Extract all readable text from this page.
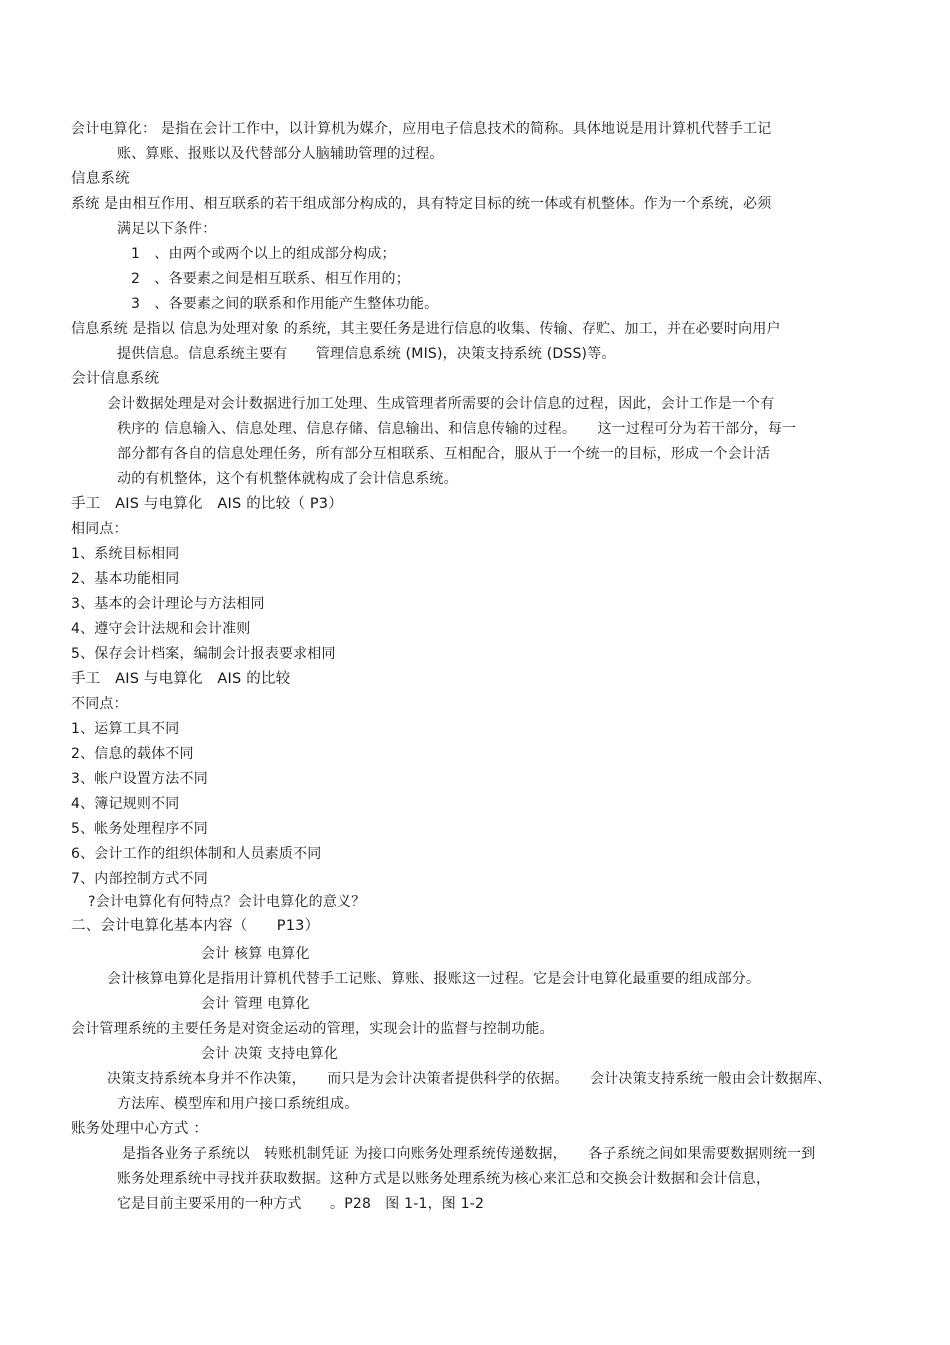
会计电算化： 是指在会计工作中，以计算机为媒介，应用电子信息技术的简称。具体地说是用计算机代替手工记
账、算账、报账以及代替部分人脑辅助管理的过程。
信息系统
系统 是由相互作用、相互联系的若干组成部分构成的，具有特定目标的统一体或有机整体。作为一个系统，必须
满足以下条件：
1　、由两个或两个以上的组成部分构成；
2　、各要素之间是相互联系、相互作用的；
3　、各要素之间的联系和作用能产生整体功能。
信息系统 是指以 信息为处理对象 的系统，其主要任务是进行信息的收集、传输、存贮、加工，并在必要时向用户
提供信息。信息系统主要有　　管理信息系统 (MIS)，决策支持系统 (DSS)等。
会计信息系统
会计数据处理是对会计数据进行加工处理、生成管理者所需要的会计信息的过程，因此，会计工作是一个有
秩序的 信息输入、信息处理、信息存储、信息输出、和信息传输的过程。　　这一过程可分为若干部分，每一
部分都有各自的信息处理任务，所有部分互相联系、互相配合，服从于一个统一的目标，形成一个会计活
动的有机整体，这个有机整体就构成了会计信息系统。
手工　AIS 与电算化　AIS 的比较（ P3）
相同点：
1、系统目标相同
2、基本功能相同
3、基本的会计理论与方法相同
4、遵守会计法规和会计准则
5、保存会计档案，编制会计报表要求相同
手工　AIS 与电算化　AIS 的比较
不同点：
1、运算工具不同
2、信息的载体不同
3、帐户设置方法不同
4、簿记规则不同
5、帐务处理程序不同
6、会计工作的组织体制和人员素质不同
7、内部控制方式不同
?会计电算化有何特点？会计电算化的意义？
二、会计电算化基本内容（　　P13）
会计 核算 电算化
会计核算电算化是指用计算机代替手工记账、算账、报账这一过程。它是会计电算化最重要的组成部分。
会计 管理 电算化
会计管理系统的主要任务是对资金运动的管理，实现会计的监督与控制功能。
会计 决策 支持电算化
决策支持系统本身并不作决策，　　而只是为会计决策者提供科学的依据。　　会计决策支持系统一般由会计数据库、
方法库、模型库和用户接口系统组成。
账务处理中心方式 ：
是指各业务子系统以　转账机制凭证 为接口向账务处理系统传递数据，　　各子系统之间如果需要数据则统一到
账务处理系统中寻找并获取数据。这种方式是以账务处理系统为核心来汇总和交换会计数据和会计信息，
它是目前主要采用的一种方式　　。P28　图 1-1，图 1-2
